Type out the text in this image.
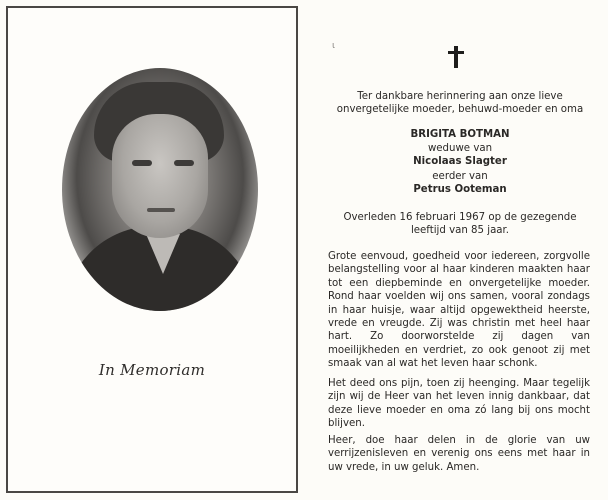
In Memoriam
ι
Ter dankbare herinnering aan onze lieve onvergetelijke moeder, behuwd-moeder en oma
BRIGITA BOTMAN
weduwe van
Nicolaas Slagter
eerder van
Petrus Ooteman
Overleden 16 februari 1967 op de gezegende leeftijd van 85 jaar.
Grote eenvoud, goedheid voor iedereen, zorgvolle belangstelling voor al haar kinderen maakten haar tot een diepbeminde en onvergetelijke moeder. Rond haar voelden wij ons samen, vooral zondags in haar huisje, waar altijd opgewektheid heerste, vrede en vreugde. Zij was christin met heel haar hart. Zo doorworstelde zij dagen van moeilijkheden en verdriet, zo ook genoot zij met smaak van al wat het leven haar schonk.
Het deed ons pijn, toen zij heenging. Maar tegelijk zijn wij de Heer van het leven innig dankbaar, dat deze lieve moeder en oma zó lang bij ons mocht blijven.
Heer, doe haar delen in de glorie van uw verrijzenisleven en verenig ons eens met haar in uw vrede, in uw geluk. Amen.
